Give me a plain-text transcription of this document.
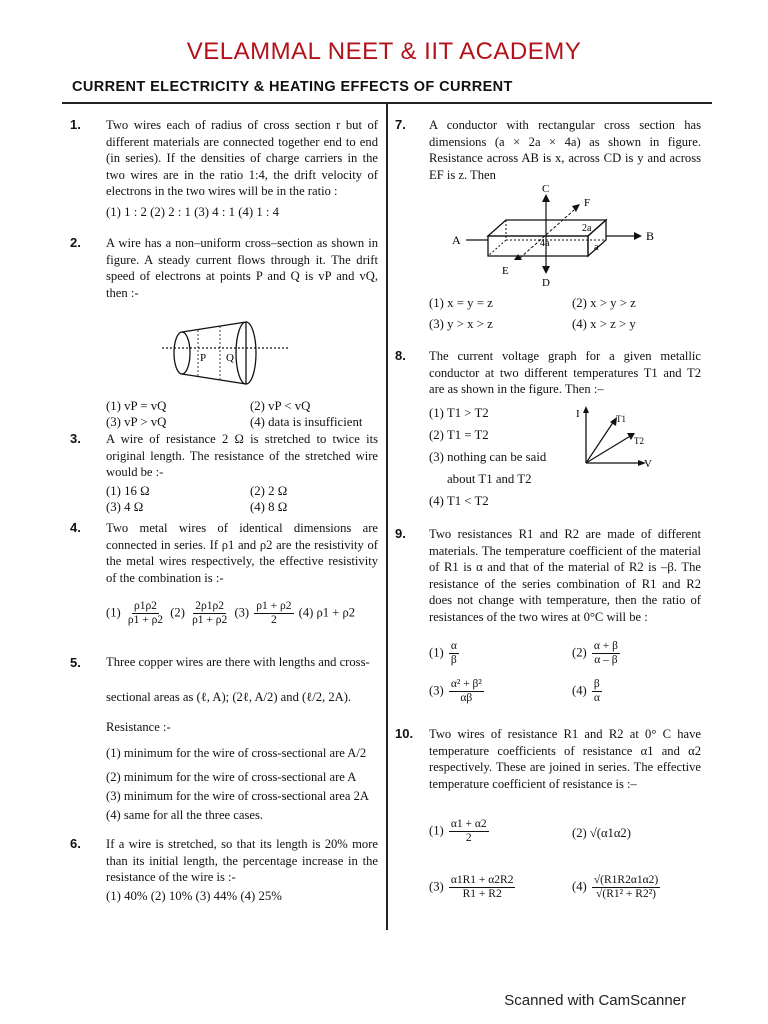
VELAMMAL NEET & IIT ACADEMY
CURRENT ELECTRICITY & HEATING EFFECTS OF CURRENT
1. Two wires each of radius of cross section r but of different materials are connected together end to end (in series). If the densities of charge carriers in the two wires are in the ratio 1:4, the drift velocity of electrons in the two wires will be in the ratio :
(1) 1 : 2 (2) 2 : 1 (3) 4 : 1 (4) 1 : 4
2. A wire has a non–uniform cross–section as shown in figure. A steady current flows through it. The drift speed of electrons at points P and Q is vP and vQ, then :-
P Q
(1) vP = vQ	(2) vP < vQ
(3) vP > vQ	(4) data is insufficient
3. A wire of resistance 2 Ω is stretched to twice its original length. The resistance of the stretched wire would be :-
(1) 16 Ω	(2) 2 Ω
(3) 4 Ω	(4) 8 Ω
4. Two metal wires of identical dimensions are connected in series. If ρ1 and ρ2 are the resistivity of the metal wires respectively, the effective resistivity of the combination is :-
$(1) \frac{\rho 1\rho 2}{\rho 1 + \rho 2} (2) \frac{2\rho 1\rho 2}{\rho 1 + \rho 2} (3) \frac{\rho 1 + \rho 2}{2} (4) \rho 1 + \rho 2$
5. Three copper wires are there with lengths and cross-
sectional areas as (ℓ, A); (2ℓ, A/2) and (ℓ/2, 2A).
Resistance :-
(1) minimum for the wire of cross-sectional are A/2
(2) minimum for the wire of cross-sectional are A
(3) minimum for the wire of cross-sectional area 2A
(4) same for all the three cases.
6. If a wire is stretched, so that its length is 20% more than its initial length, the percentage increase in the resistance of the wire is :-
(1) 40% (2) 10% (3) 44% (4) 25%
7. A conductor with rectangular cross section has dimensions (a × 2a × 4a) as shown in figure. Resistance across AB is x, across CD is y and across EF is z. Then
A	B
C
D
F
E
2a
4a	a
(1) x = y = z	(2) x > y > z
(3) y > x > z	(4) x > z > y
8. The current voltage graph for a given metallic conductor at two different temperatures T1 and T2 are as shown in the figure. Then :–
(1) T1 > T2
(2) T1 = T2
(3) nothing can be said
about T1 and T2
(4) T1 < T2
I
V
T1
T2
9. Two resistances R1 and R2 are made of different materials. The temperature coefficient of the material of R1 is α and that of the material of R2 is –β. The resistance of the series combination of R1 and R2 does not change with temperature, then the ratio of resistances of the two wires at 0°C will be :
$(1) \frac{\alpha}{\beta}$	$(2) \frac{\alpha + \beta}{\alpha - \beta}$
$(3) \frac{\text{α² + β²}}{\alpha\beta}$	$(4) \frac{\beta}{\alpha}$
10. Two wires of resistance R1 and R2 at 0° C have temperature coefficients of resistance α1 and α2 respectively. These are joined in series. The effective temperature coefficient of resistance is :–
$(1) \frac{\alpha 1 + \alpha 2}{2}$	(2) √(α1α2)
$(3) \frac{\alpha 1R1 + \alpha 2R2}{R1 + R2}$	$(4) \frac{√(R1R2\alpha 1\alpha 2)}{\text{√(R1² + R2²)}}$
Scanned with CamScanner
